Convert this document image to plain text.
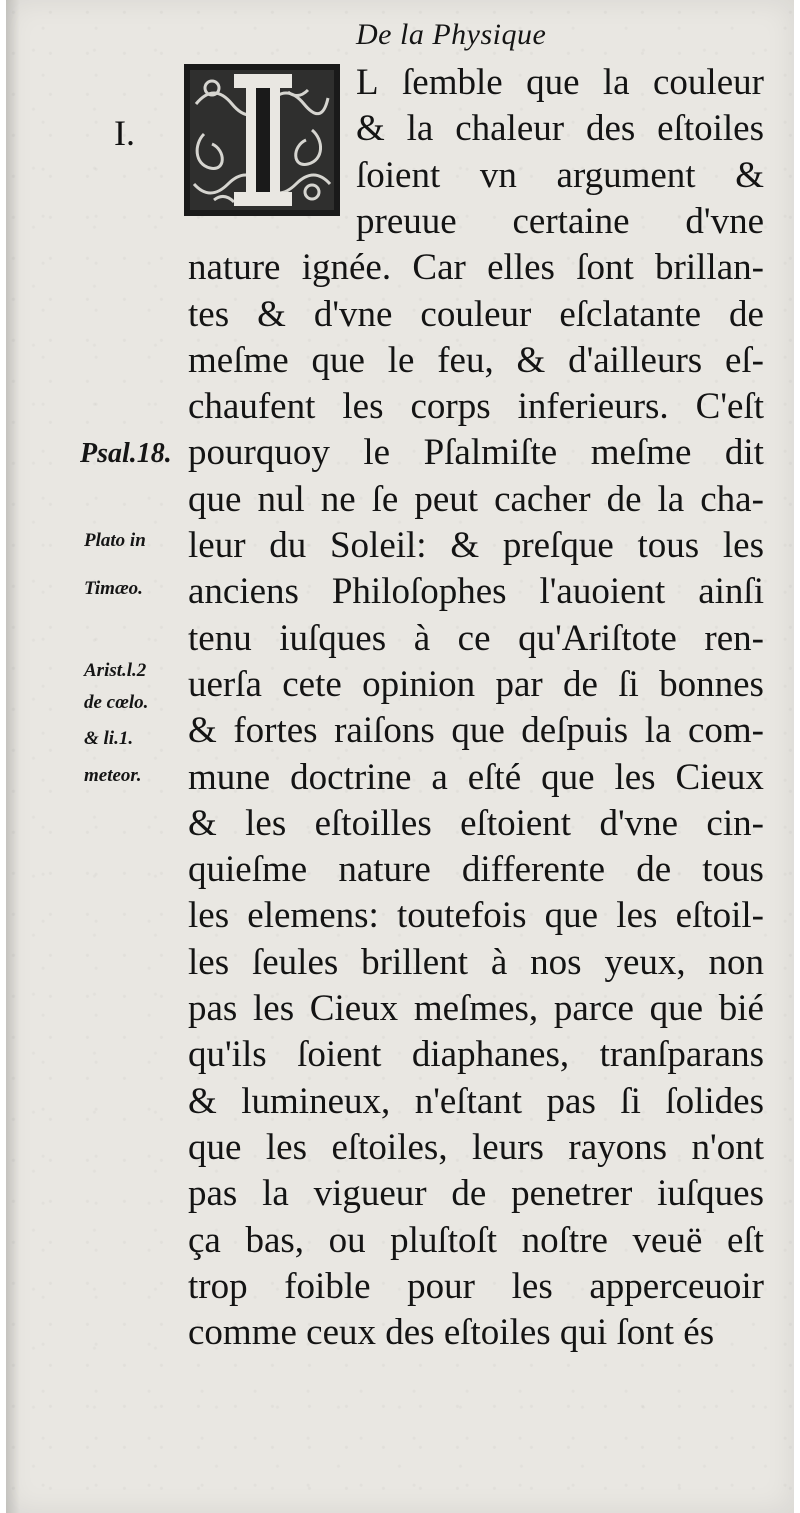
De la Physique
I.
L ſemble que la couleur
& la chaleur des eſtoiles
ſoient vn argument &
preuue certaine d'vne
nature ignée. Car elles ſont brillan-
tes & d'vne couleur eſclatante de
meſme que le feu, & d'ailleurs eſ-
chaufent les corps inferieurs. C'eſt
pourquoy le Pſalmiſte meſme dit
que nul ne ſe peut cacher de la cha-
leur du Soleil: & preſque tous les
anciens Philoſophes l'auoient ainſi
tenu iuſques à ce qu'Ariſtote ren-
uerſa cete opinion par de ſi bonnes
& fortes raiſons que deſpuis la com-
mune doctrine a eſté que les Cieux
& les eſtoilles eſtoient d'vne cin-
quieſme nature differente de tous
les elemens: toutefois que les eſtoil-
les ſeules brillent à nos yeux, non
pas les Cieux meſmes, parce que bié
qu'ils ſoient diaphanes, tranſparans
& lumineux, n'eſtant pas ſi ſolides
que les eſtoiles, leurs rayons n'ont
pas la vigueur de penetrer iuſques
ça bas, ou pluſtoſt noſtre veuë eſt
trop foible pour les apperceuoir
comme ceux des eſtoiles qui ſont és
Psal.18.
Plato in
Timæo.
Arist.l.2
de cœlo.
& li.1.
meteor.
